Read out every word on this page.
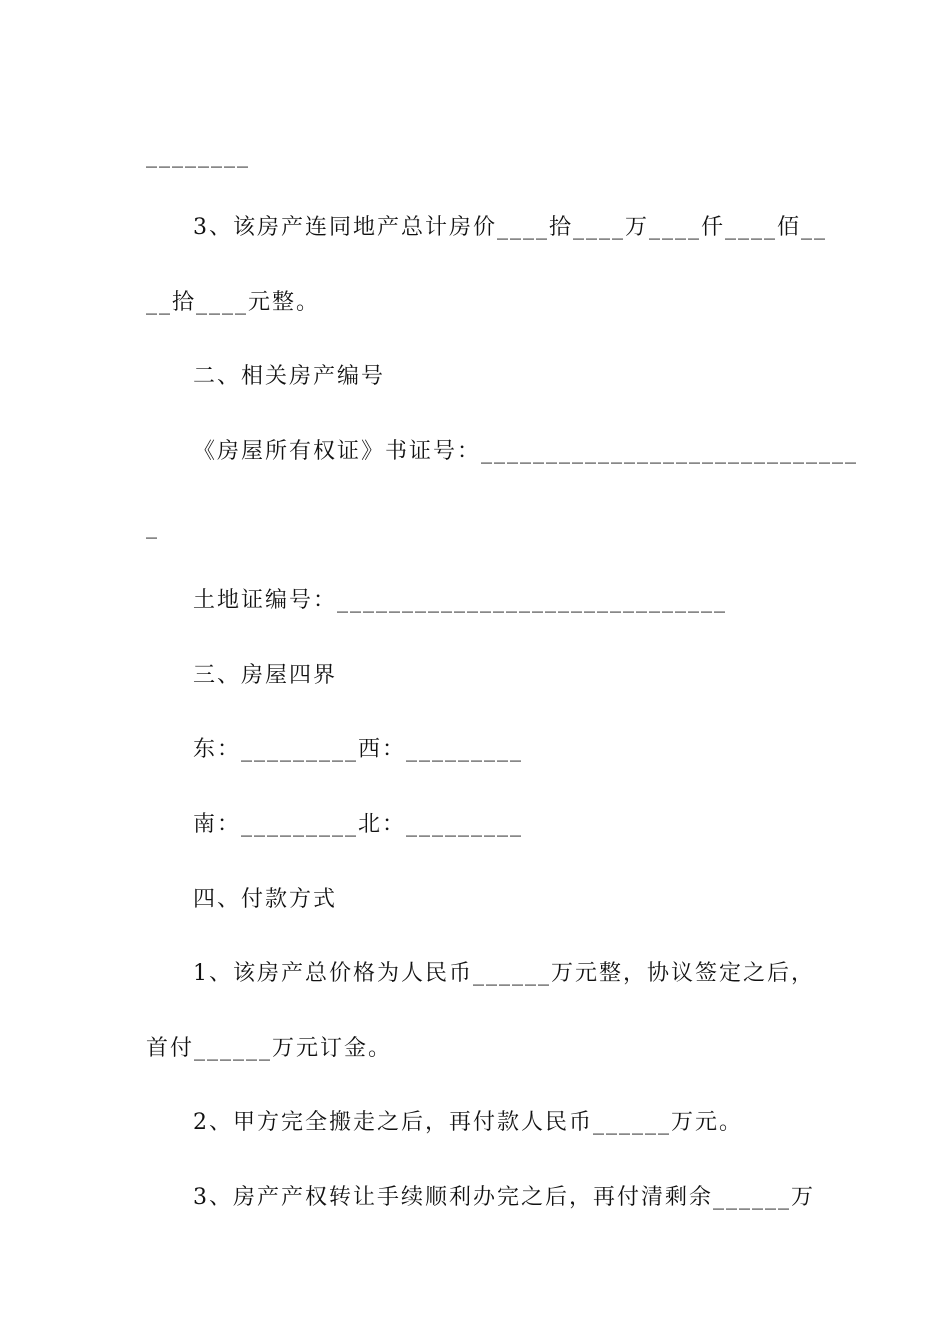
________
3、该房产连同地产总计房价____拾____万____仟____佰__
__拾____元整。
二、相关房产编号
《房屋所有权证》书证号：_____________________________
_
土地证编号：______________________________
三、房屋四界
东：_________西：_________
南：_________北：_________
四、付款方式
1、该房产总价格为人民币______万元整，协议签定之后，
首付______万元订金。
2、甲方完全搬走之后，再付款人民币______万元。
3、房产产权转让手续顺利办完之后，再付清剩余______万
